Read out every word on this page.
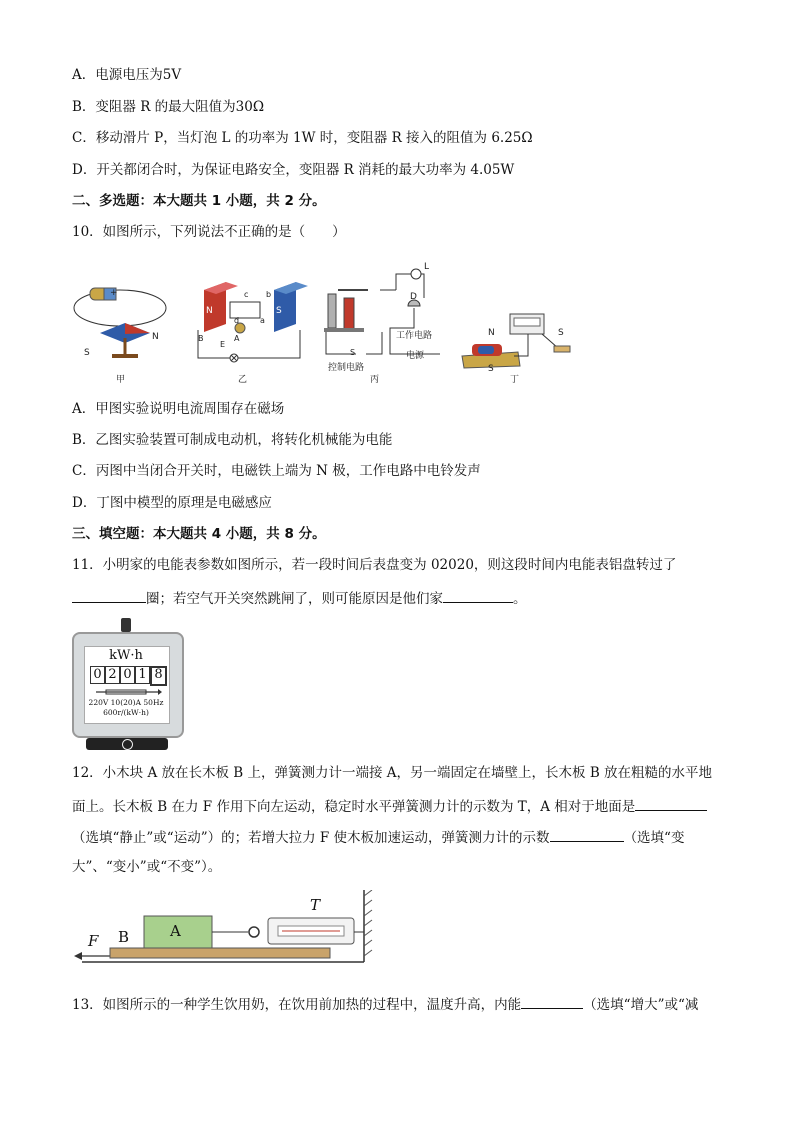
A．电源电压为5V
B．变阻器 R 的最大阻值为30Ω
C．移动滑片 P，当灯泡 L 的功率为 1W 时，变阻器 R 接入的阻值为 6.25Ω
D．开关都闭合时，为保证电路安全，变阻器 R 消耗的最大功率为 4.05W
二、多选题：本大题共 1 小题，共 2 分。
10．如图所示，下列说法不正确的是（　　）
+
S
N
甲
N	S
a
b
c
d
B
E
A
乙
L
D
工作电路
S
控制电路
电源
丙
N
S
S
丁
A．甲图实验说明电流周围存在磁场
B．乙图实验装置可制成电动机，将转化机械能为电能
C．丙图中当闭合开关时，电磁铁上端为 N 极，工作电路中电铃发声
D．丁图中模型的原理是电磁感应
三、填空题：本大题共 4 小题，共 8 分。
11．小明家的电能表参数如图所示，若一段时间后表盘变为 02020，则这段时间内电能表铝盘转过了
圈；若空气开关突然跳闸了，则可能原因是他们家	。
kW·h
0 2 0 1 8
220V 10(20)A 50Hz
600r/(kW·h)
12．小木块 A 放在长木板 B 上，弹簧测力计一端接 A，另一端固定在墙壁上，长木板 B 放在粗糙的水平地
面上。长木板 B 在力 F 作用下向左运动，稳定时水平弹簧测力计的示数为 T，A 相对于地面是
（选填“静止”或“运动”）的；若增大拉力 F 使木板加速运动，弹簧测力计的示数	（选填“变
大”、“变小”或“不变”）。
F B	A
T
13．如图所示的一种学生饮用奶，在饮用前加热的过程中，温度升高，内能	（选填“增大”或“减
